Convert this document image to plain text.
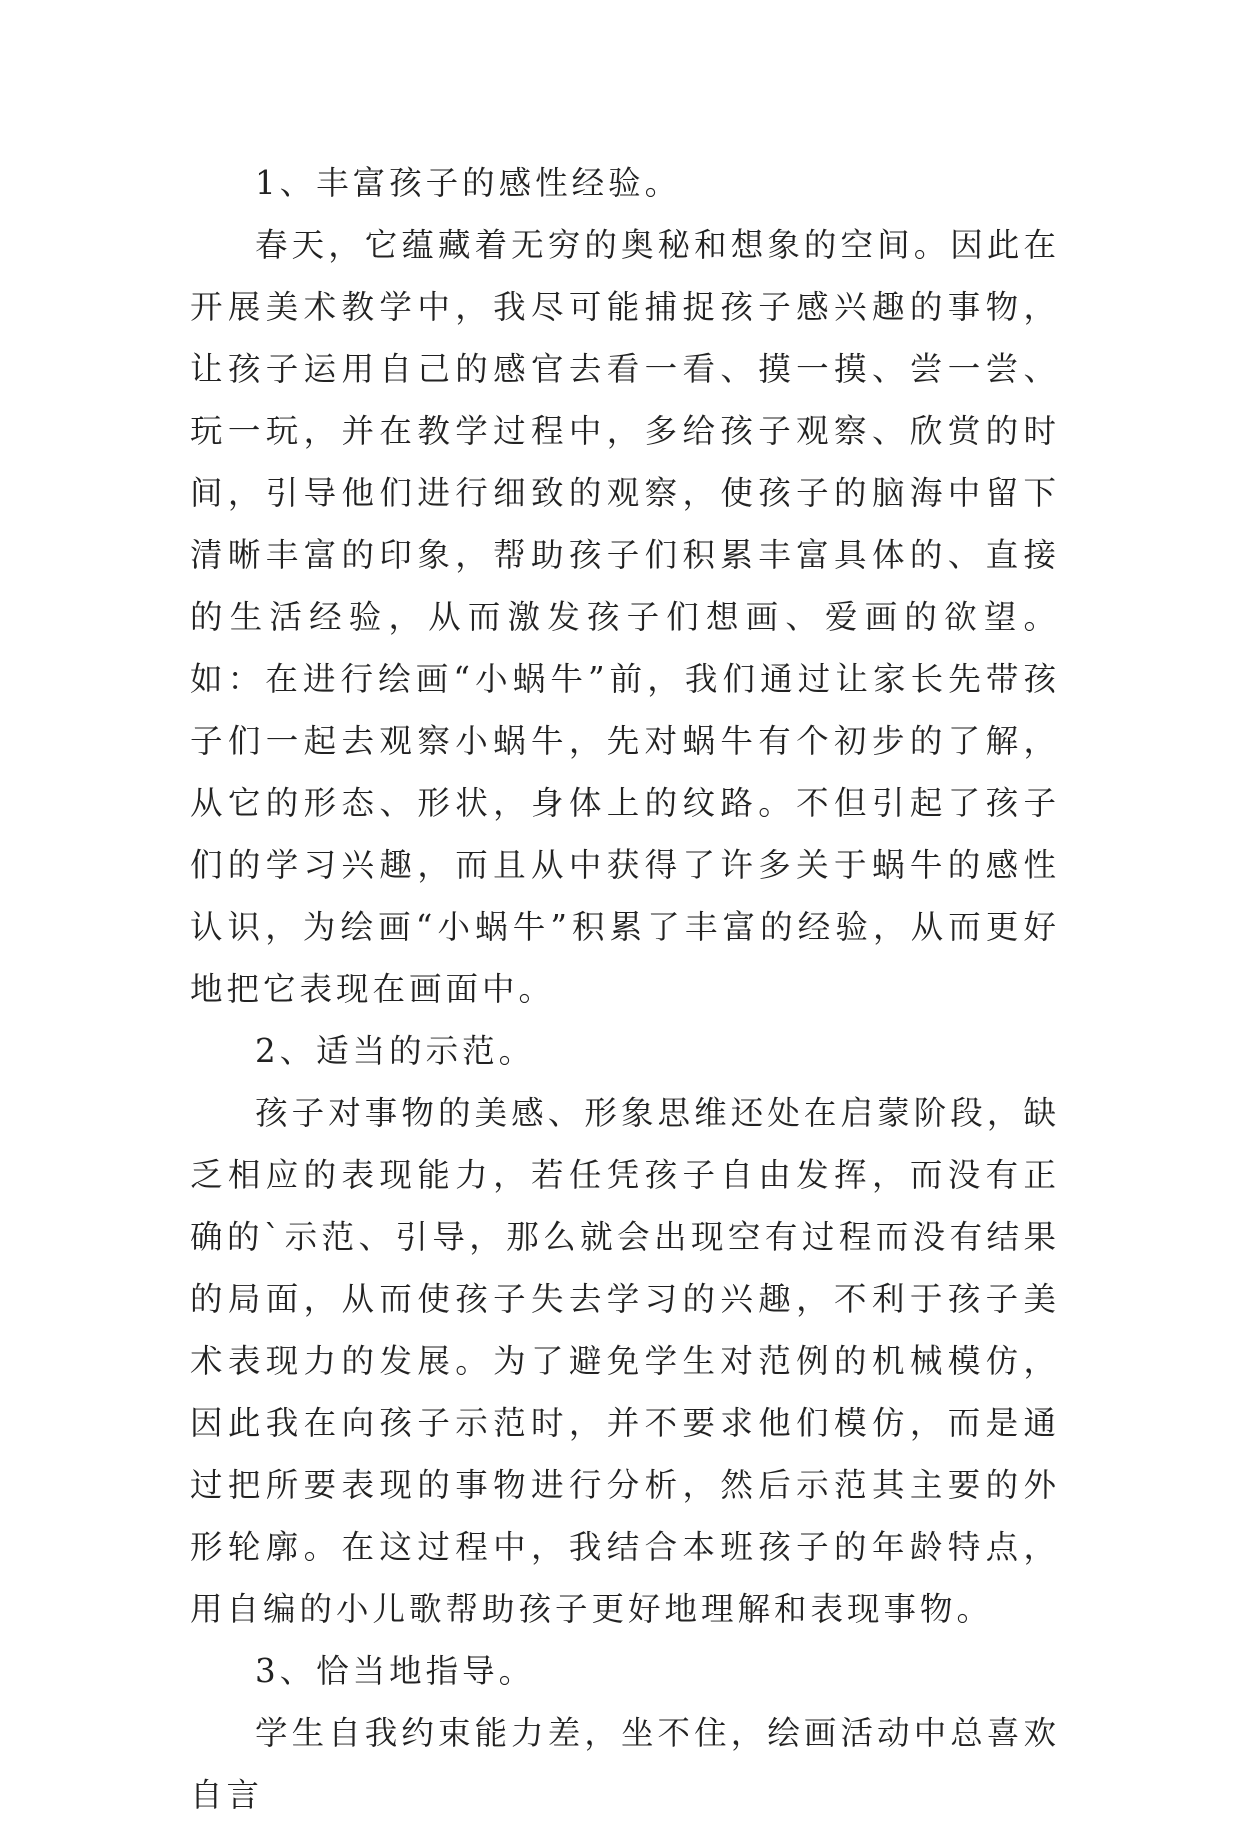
1、丰富孩子的感性经验。

春天，它蕴藏着无穷的奥秘和想象的空间。因此在开展美术教学中，我尽可能捕捉孩子感兴趣的事物，让孩子运用自己的感官去看一看、摸一摸、尝一尝、玩一玩，并在教学过程中，多给孩子观察、欣赏的时间，引导他们进行细致的观察，使孩子的脑海中留下清晰丰富的印象，帮助孩子们积累丰富具体的、直接的生活经验，从而激发孩子们想画、爱画的欲望。如：在进行绘画“小蜗牛”前，我们通过让家长先带孩子们一起去观察小蜗牛，先对蜗牛有个初步的了解，从它的形态、形状，身体上的纹路。不但引起了孩子们的学习兴趣，而且从中获得了许多关于蜗牛的感性认识，为绘画“小蜗牛”积累了丰富的经验，从而更好地把它表现在画面中。

2、适当的示范。

孩子对事物的美感、形象思维还处在启蒙阶段，缺乏相应的表现能力，若任凭孩子自由发挥，而没有正确的`示范、引导，那么就会出现空有过程而没有结果的局面，从而使孩子失去学习的兴趣，不利于孩子美术表现力的发展。为了避免学生对范例的机械模仿，因此我在向孩子示范时，并不要求他们模仿，而是通过把所要表现的事物进行分析，然后示范其主要的外形轮廓。在这过程中，我结合本班孩子的年龄特点，用自编的小儿歌帮助孩子更好地理解和表现事物。

3、恰当地指导。

学生自我约束能力差，坐不住，绘画活动中总喜欢自言
